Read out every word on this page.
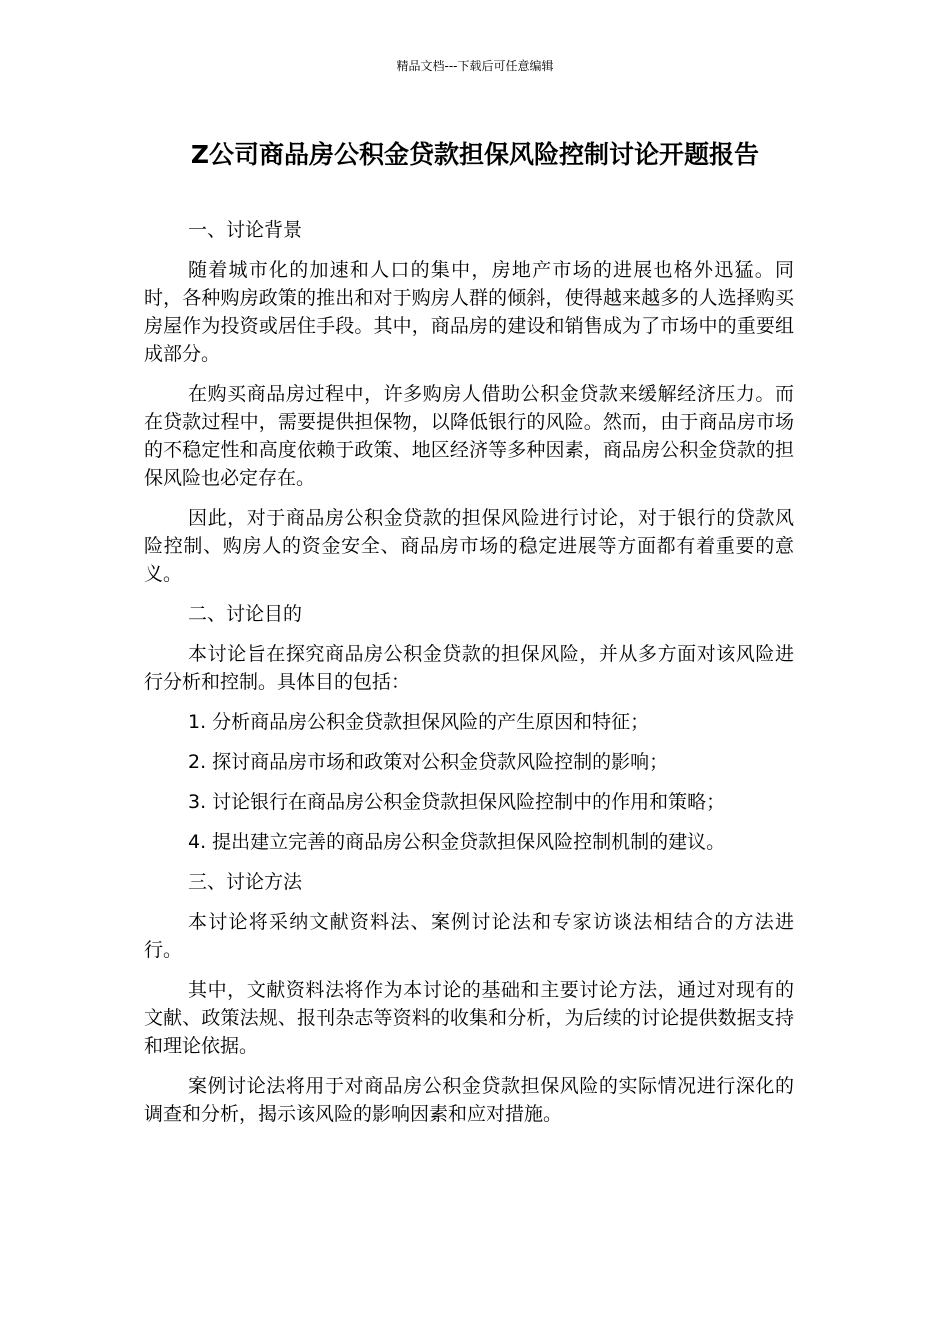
精品文档---下载后可任意编辑
Z公司商品房公积金贷款担保风险控制讨论开题报告

一、讨论背景

随着城市化的加速和人口的集中，房地产市场的进展也格外迅猛。同时，各种购房政策的推出和对于购房人群的倾斜，使得越来越多的人选择购买房屋作为投资或居住手段。其中，商品房的建设和销售成为了市场中的重要组成部分。

在购买商品房过程中，许多购房人借助公积金贷款来缓解经济压力。而在贷款过程中，需要提供担保物，以降低银行的风险。然而，由于商品房市场的不稳定性和高度依赖于政策、地区经济等多种因素，商品房公积金贷款的担保风险也必定存在。

因此，对于商品房公积金贷款的担保风险进行讨论，对于银行的贷款风险控制、购房人的资金安全、商品房市场的稳定进展等方面都有着重要的意义。

二、讨论目的

本讨论旨在探究商品房公积金贷款的担保风险，并从多方面对该风险进行分析和控制。具体目的包括：

1. 分析商品房公积金贷款担保风险的产生原因和特征；

2. 探讨商品房市场和政策对公积金贷款风险控制的影响；

3. 讨论银行在商品房公积金贷款担保风险控制中的作用和策略；

4. 提出建立完善的商品房公积金贷款担保风险控制机制的建议。

三、讨论方法

本讨论将采纳文献资料法、案例讨论法和专家访谈法相结合的方法进行。

其中，文献资料法将作为本讨论的基础和主要讨论方法，通过对现有的文献、政策法规、报刊杂志等资料的收集和分析，为后续的讨论提供数据支持和理论依据。

案例讨论法将用于对商品房公积金贷款担保风险的实际情况进行深化的调查和分析，揭示该风险的影响因素和应对措施。
